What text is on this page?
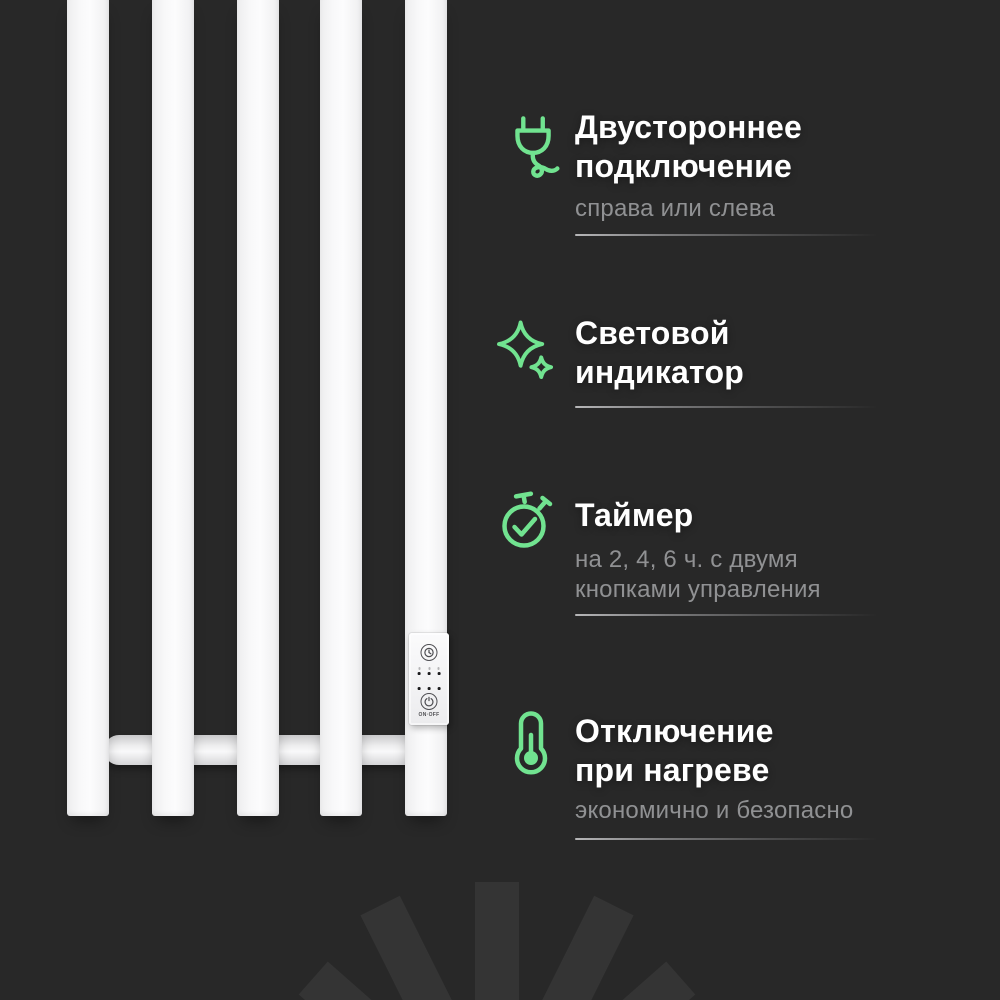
ON·OFF
Двустороннее
подключение
справа или слева
Световой
индикатор
Таймер
на 2, 4, 6 ч. с двумя
кнопками управления
Отключение
при нагреве
экономично и безопасно
